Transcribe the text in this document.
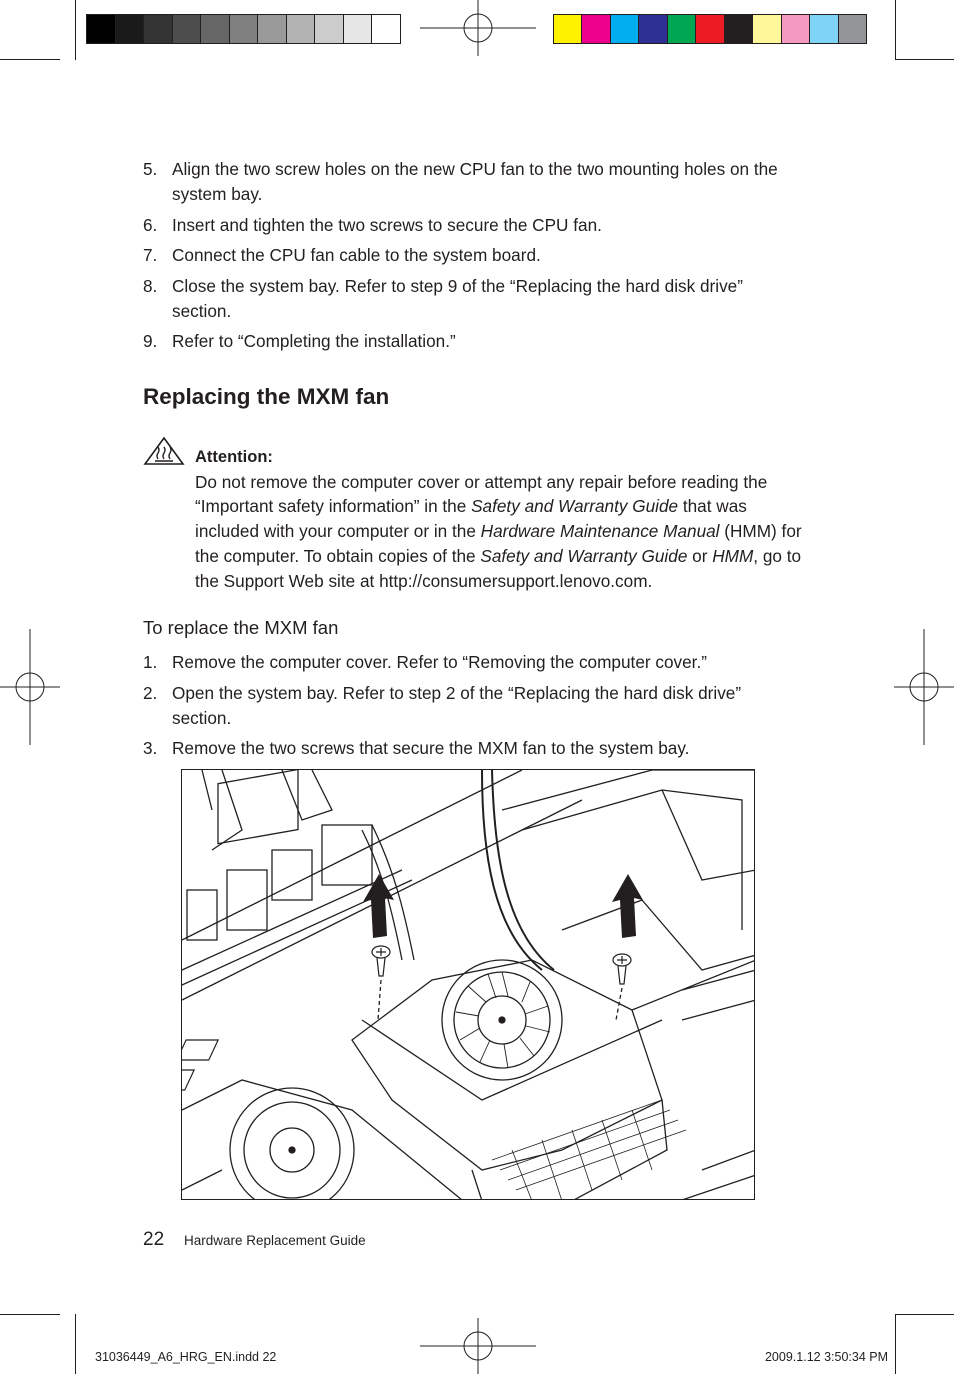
5. Align the two screw holes on the new CPU fan to the two mounting holes on the system bay.
6. Insert and tighten the two screws to secure the CPU fan.
7. Connect the CPU fan cable to the system board.
8. Close the system bay. Refer to step 9 of the “Replacing the hard disk drive” section.
9. Refer to “Completing the installation.”
Replacing the MXM fan
Attention:
Do not remove the computer cover or attempt any repair before reading the “Important safety information” in the Safety and Warranty Guide that was included with your computer or in the Hardware Maintenance Manual (HMM) for the computer. To obtain copies of the Safety and Warranty Guide or HMM, go to the Support Web site at http://consumersupport.lenovo.com.
To replace the MXM fan
1. Remove the computer cover. Refer to “Removing the computer cover.”
2. Open the system bay. Refer to step 2 of the “Replacing the hard disk drive” section.
3. Remove the two screws that secure the MXM fan to the system bay.
22 Hardware Replacement Guide
31036449_A6_HRG_EN.indd 22	2009.1.12 3:50:34 PM
